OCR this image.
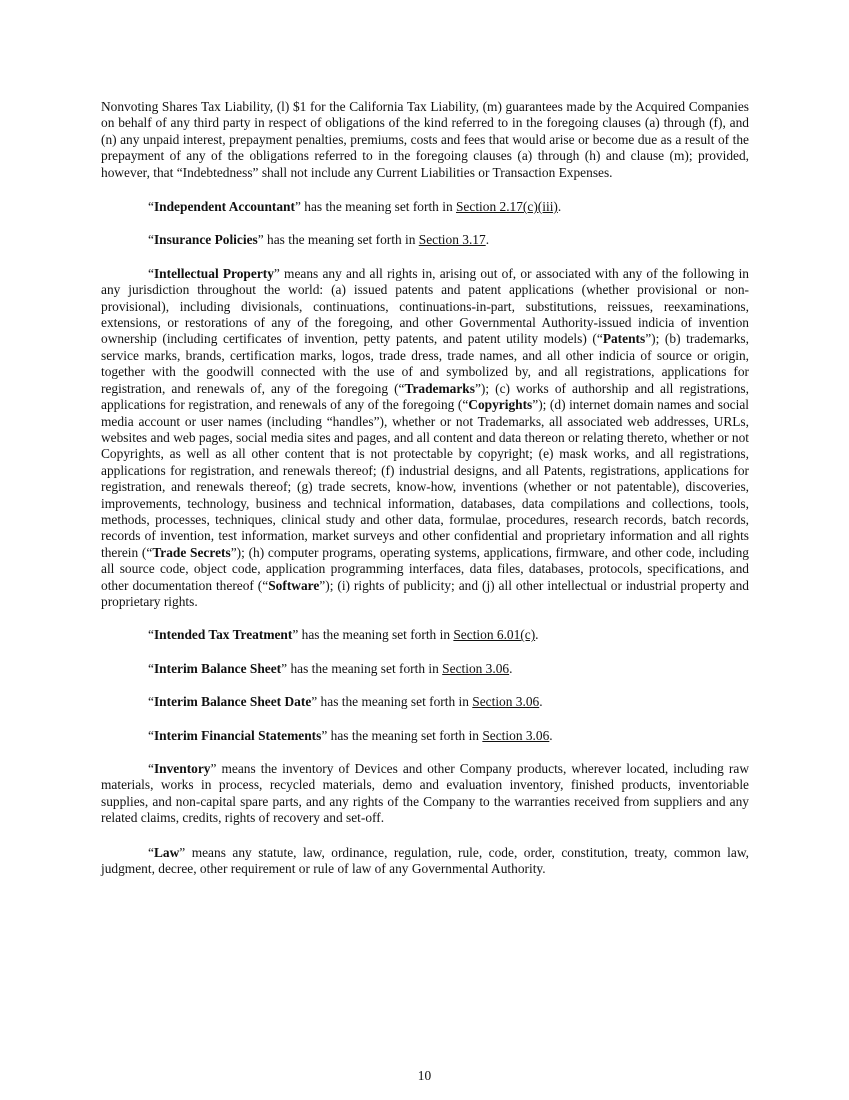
Nonvoting Shares Tax Liability, (l) $1 for the California Tax Liability, (m) guarantees made by the Acquired Companies on behalf of any third party in respect of obligations of the kind referred to in the foregoing clauses (a) through (f), and (n) any unpaid interest, prepayment penalties, premiums, costs and fees that would arise or become due as a result of the prepayment of any of the obligations referred to in the foregoing clauses (a) through (h) and clause (m); provided, however, that “Indebtedness” shall not include any Current Liabilities or Transaction Expenses.

“Independent Accountant” has the meaning set forth in Section 2.17(c)(iii).

“Insurance Policies” has the meaning set forth in Section 3.17.

“Intellectual Property” means any and all rights in, arising out of, or associated with any of the following in any jurisdiction throughout the world: (a) issued patents and patent applications (whether provisional or non-provisional), including divisionals, continuations, continuations-in-part, substitutions, reissues, reexaminations, extensions, or restorations of any of the foregoing, and other Governmental Authority-issued indicia of invention ownership (including certificates of invention, petty patents, and patent utility models) (“Patents”); (b) trademarks, service marks, brands, certification marks, logos, trade dress, trade names, and all other indicia of source or origin, together with the goodwill connected with the use of and symbolized by, and all registrations, applications for registration, and renewals of, any of the foregoing (“Trademarks”); (c) works of authorship and all registrations, applications for registration, and renewals of any of the foregoing (“Copyrights”); (d) internet domain names and social media account or user names (including “handles”), whether or not Trademarks, all associated web addresses, URLs, websites and web pages, social media sites and pages, and all content and data thereon or relating thereto, whether or not Copyrights, as well as all other content that is not protectable by copyright; (e) mask works, and all registrations, applications for registration, and renewals thereof; (f) industrial designs, and all Patents, registrations, applications for registration, and renewals thereof; (g) trade secrets, know-how, inventions (whether or not patentable), discoveries, improvements, technology, business and technical information, databases, data compilations and collections, tools, methods, processes, techniques, clinical study and other data, formulae, procedures, research records, batch records, records of invention, test information, market surveys and other confidential and proprietary information and all rights therein (“Trade Secrets”); (h) computer programs, operating systems, applications, firmware, and other code, including all source code, object code, application programming interfaces, data files, databases, protocols, specifications, and other documentation thereof (“Software”); (i) rights of publicity; and (j) all other intellectual or industrial property and proprietary rights.

“Intended Tax Treatment” has the meaning set forth in Section 6.01(c).

“Interim Balance Sheet” has the meaning set forth in Section 3.06.

“Interim Balance Sheet Date” has the meaning set forth in Section 3.06.

“Interim Financial Statements” has the meaning set forth in Section 3.06.

“Inventory” means the inventory of Devices and other Company products, wherever located, including raw materials, works in process, recycled materials, demo and evaluation inventory, finished products, inventoriable supplies, and non-capital spare parts, and any rights of the Company to the warranties received from suppliers and any related claims, credits, rights of recovery and set-off.

“Law” means any statute, law, ordinance, regulation, rule, code, order, constitution, treaty, common law, judgment, decree, other requirement or rule of law of any Governmental Authority.

10
